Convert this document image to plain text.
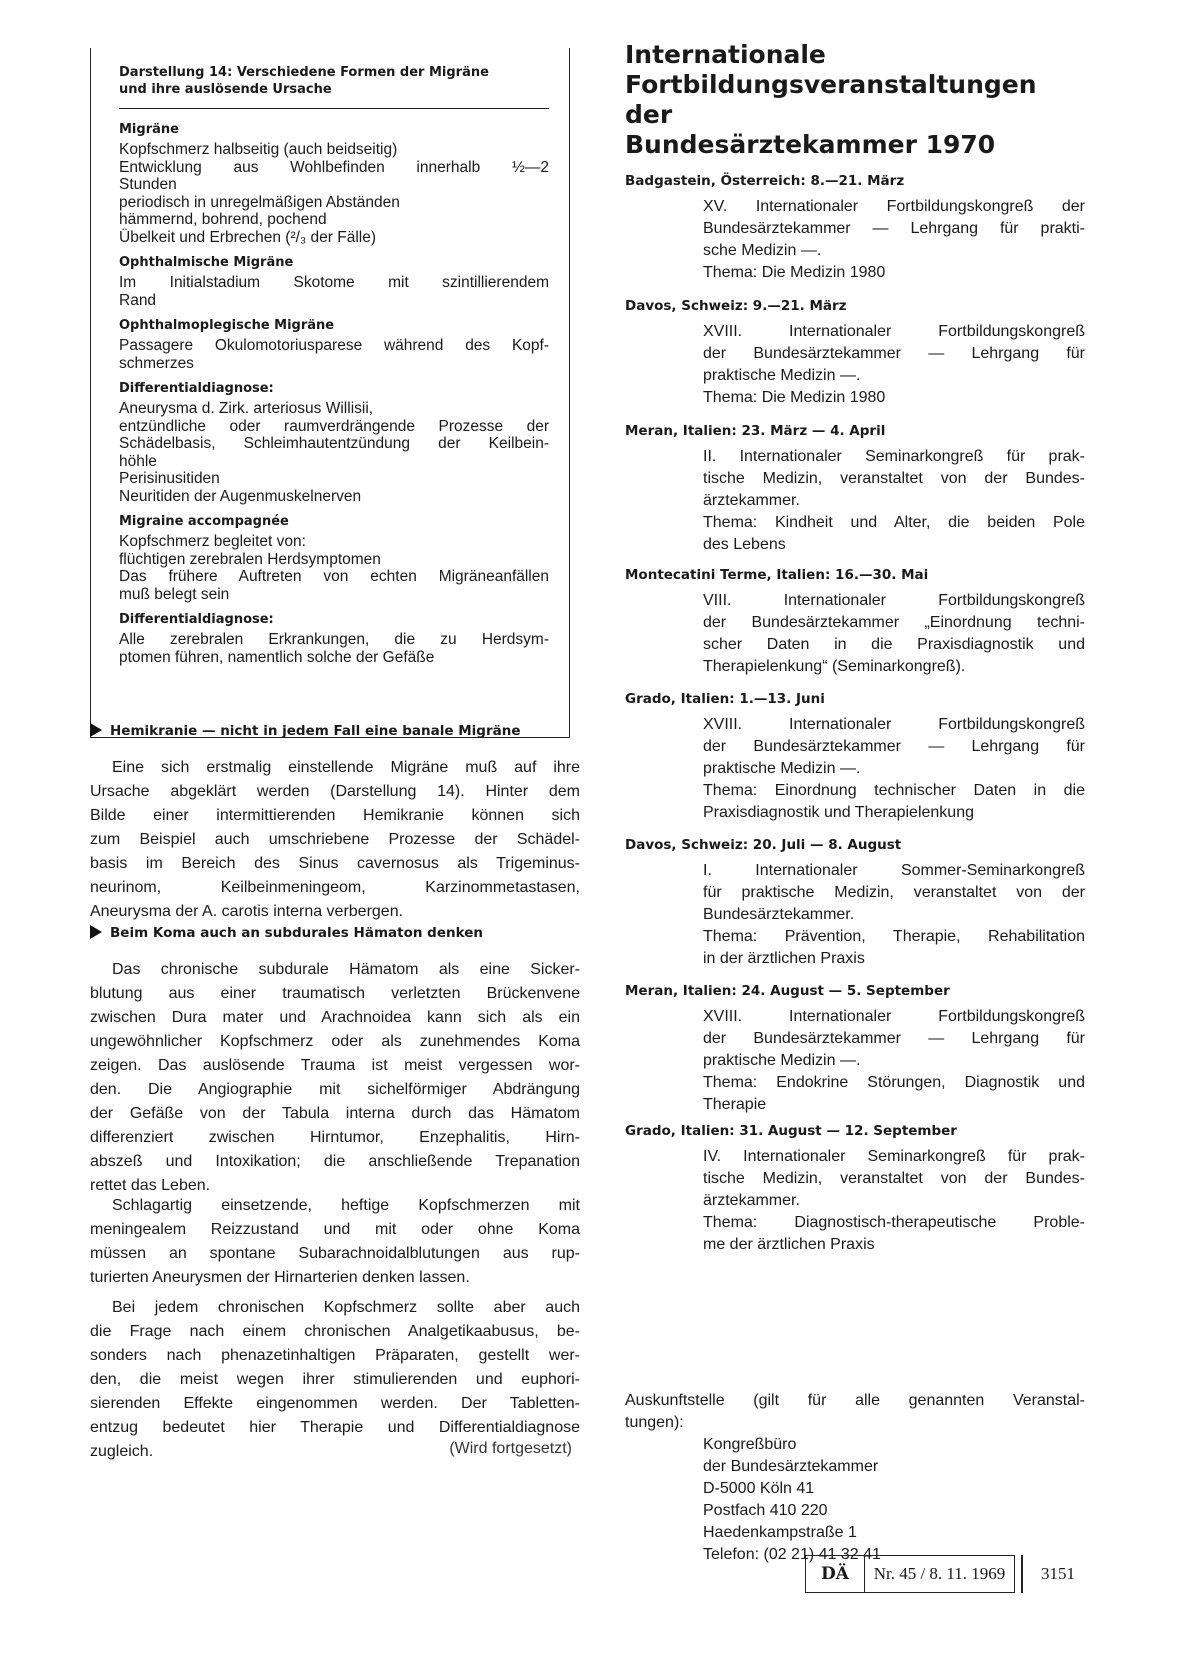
Darstellung 14: Verschiedene Formen der Migräne

und ihre auslösende Ursache

Migräne

Kopfschmerz halbseitig (auch beidseitig)

Entwicklung aus Wohlbefinden innerhalb ½—2

Stunden

periodisch in unregelmäßigen Abständen

hämmernd, bohrend, pochend

Übelkeit und Erbrechen (²/₃ der Fälle)

Ophthalmische Migräne

Im Initialstadium Skotome mit szintillierendem

Rand

Ophthalmoplegische Migräne

Passagere Okulomotoriusparese während des Kopf-

schmerzes

Differentialdiagnose:

Aneurysma d. Zirk. arteriosus Willisii,

entzündliche oder raumverdrängende Prozesse der

Schädelbasis, Schleimhautentzündung der Keilbein-

höhle

Perisinusitiden

Neuritiden der Augenmuskelnerven

Migraine accompagnée

Kopfschmerz begleitet von:

flüchtigen zerebralen Herdsymptomen

Das frühere Auftreten von echten Migräneanfällen

muß belegt sein

Differentialdiagnose:

Alle zerebralen Erkrankungen, die zu Herdsym-

ptomen führen, namentlich solche der Gefäße

Hemikranie — nicht in jedem Fall eine banale Migräne

Eine sich erstmalig einstellende Migräne muß auf ihre

Ursache abgeklärt werden (Darstellung 14). Hinter dem

Bilde einer intermittierenden Hemikranie können sich

zum Beispiel auch umschriebene Prozesse der Schädel-

basis im Bereich des Sinus cavernosus als Trigeminus-

neurinom, Keilbeinmeningeom, Karzinommetastasen,

Aneurysma der A. carotis interna verbergen.

Beim Koma auch an subdurales Hämaton denken

Das chronische subdurale Hämatom als eine Sicker-

blutung aus einer traumatisch verletzten Brückenvene

zwischen Dura mater und Arachnoidea kann sich als ein

ungewöhnlicher Kopfschmerz oder als zunehmendes Koma

zeigen. Das auslösende Trauma ist meist vergessen wor-

den. Die Angiographie mit sichelförmiger Abdrängung

der Gefäße von der Tabula interna durch das Hämatom

differenziert zwischen Hirntumor, Enzephalitis, Hirn-

abszeß und Intoxikation; die anschließende Trepanation

rettet das Leben.

Schlagartig einsetzende, heftige Kopfschmerzen mit

meningealem Reizzustand und mit oder ohne Koma

müssen an spontane Subarachnoidalblutungen aus rup-

turierten Aneurysmen der Hirnarterien denken lassen.

Bei jedem chronischen Kopfschmerz sollte aber auch

die Frage nach einem chronischen Analgetikaabusus, be-

sonders nach phenazetinhaltigen Präparaten, gestellt wer-

den, die meist wegen ihrer stimulierenden und euphori-

sierenden Effekte eingenommen werden. Der Tabletten-

entzug bedeutet hier Therapie und Differentialdiagnose

zugleich.	(Wird fortgesetzt)
Internationale
Fortbildungsveranstaltungen der
Bundesärztekammer 1970

Badgastein, Österreich: 8.—21. März

XV. Internationaler Fortbildungskongreß der

Bundesärztekammer — Lehrgang für prakti-

sche Medizin —.

Thema: Die Medizin 1980

Davos, Schweiz: 9.—21. März

XVIII. Internationaler Fortbildungskongreß

der Bundesärztekammer — Lehrgang für

praktische Medizin —.

Thema: Die Medizin 1980

Meran, Italien: 23. März — 4. April

II. Internationaler Seminarkongreß für prak-

tische Medizin, veranstaltet von der Bundes-

ärztekammer.

Thema: Kindheit und Alter, die beiden Pole

des Lebens

Montecatini Terme, Italien: 16.—30. Mai

VIII. Internationaler Fortbildungskongreß

der Bundesärztekammer „Einordnung techni-

scher Daten in die Praxisdiagnostik und

Therapielenkung“ (Seminarkongreß).

Grado, Italien: 1.—13. Juni

XVIII. Internationaler Fortbildungskongreß

der Bundesärztekammer — Lehrgang für

praktische Medizin —.

Thema: Einordnung technischer Daten in die

Praxisdiagnostik und Therapielenkung

Davos, Schweiz: 20. Juli — 8. August

I. Internationaler Sommer-Seminarkongreß

für praktische Medizin, veranstaltet von der

Bundesärztekammer.

Thema: Prävention, Therapie, Rehabilitation

in der ärztlichen Praxis

Meran, Italien: 24. August — 5. September

XVIII. Internationaler Fortbildungskongreß

der Bundesärztekammer — Lehrgang für

praktische Medizin —.

Thema: Endokrine Störungen, Diagnostik und

Therapie

Grado, Italien: 31. August — 12. September

IV. Internationaler Seminarkongreß für prak-

tische Medizin, veranstaltet von der Bundes-

ärztekammer.

Thema: Diagnostisch-therapeutische Proble-

me der ärztlichen Praxis

Auskunftstelle (gilt für alle genannten Veranstal-

tungen):

Kongreßbüro

der Bundesärztekammer

D-5000 Köln 41

Postfach 410 220

Haedenkampstraße 1

Telefon: (02 21) 41 32 41

DÄ	Nr. 45 / 8. 11. 1969	3151
